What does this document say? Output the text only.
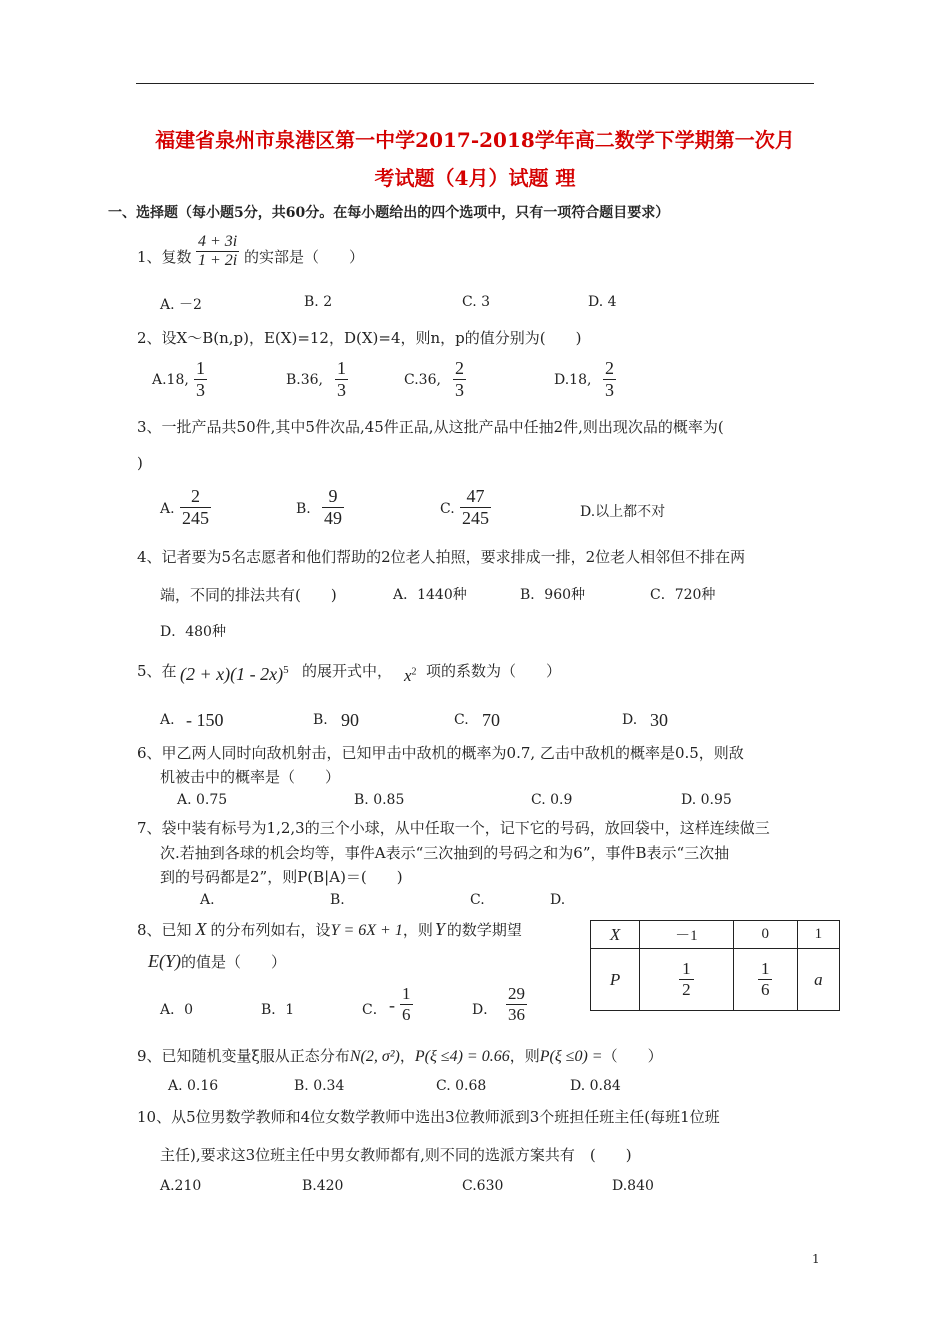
福建省泉州市泉港区第一中学2017-2018学年高二数学下学期第一次月
考试题（4月）试题 理
一、选择题（每小题5分，共60分。在每小题给出的四个选项中，只有一项符合题目要求）
1、复数 $\frac{4 + 3i}{1 + 2i}$ 的实部是（　　）
A. －2	B. 2	C. 3	D. 4
2、设X～B(n,p)，E(X)=12，D(X)=4，则n，p的值分别为(　　)
A.18, $\frac{1}{3}$	B.36, $\frac{1}{3}$	C.36, $\frac{2}{3}$	D.18, $\frac{2}{3}$
3、一批产品共50件,其中5件次品,45件正品,从这批产品中任抽2件,则出现次品的概率为(
)
A. $\frac{2}{245}$	B. $\frac{9}{49}$	C. $\frac{47}{245}$	D.以上都不对
4、记者要为5名志愿者和他们帮助的2位老人拍照，要求排成一排，2位老人相邻但不排在两
端，不同的排法共有(　　)	A．1440种	B．960种	C．720种
D．480种
5、在 (2 + x)(1 - 2x)$^5$ 的展开式中， $x^2$ 项的系数为（　　）
A. - 150	B. 90	C. 70	D. 30
6、甲乙两人同时向敌机射击，已知甲击中敌机的概率为0.7, 乙击中敌机的概率是0.5，则敌
机被击中的概率是（　　）
A. 0.75	B. 0.85	C. 0.9	D. 0.95
7、袋中装有标号为1,2,3的三个小球，从中任取一个，记下它的号码，放回袋中，这样连续做三
次.若抽到各球的机会均等，事件A表示“三次抽到的号码之和为6”，事件B表示“三次抽
到的号码都是2”，则P(B|A)＝(　　)
A.	B.	C.	D.
8、已知 X 的分布列如右，设Y = 6X + 1，则 Y 的数学期望
E(Y)的值是（　　）
A．0	B．1	C． - $\frac{1}{6}$	D． $\frac{29}{36}$
X	－1	0	1
P	$\frac{1}{2}$	$\frac{1}{6}$	a
9、已知随机变量ξ服从正态分布N(2, σ²)，P(ξ ≤4) = 0.66，则P(ξ ≤0) =（　　）
A. 0.16	B. 0.34	C. 0.68	D. 0.84
10、从5位男数学教师和4位女数学教师中选出3位教师派到3个班担任班主任(每班1位班
主任),要求这3位班主任中男女教师都有,则不同的选派方案共有　(　　)
A.210	B.420	C.630	D.840
1
